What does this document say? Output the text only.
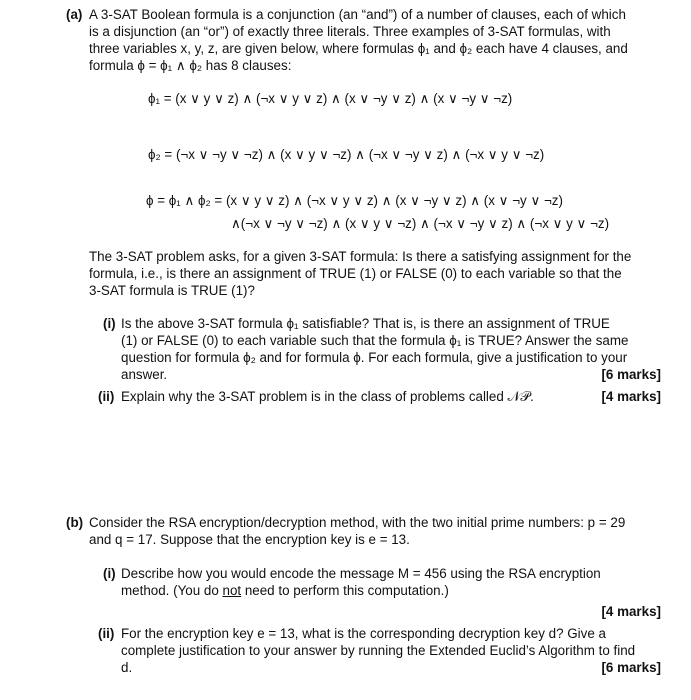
(a) A 3-SAT Boolean formula is a conjunction (an “and”) of a number of clauses, each of which
is a disjunction (an “or”) of exactly three literals. Three examples of 3-SAT formulas, with
three variables x, y, z, are given below, where formulas ϕ₁ and ϕ₂ each have 4 clauses, and
formula ϕ = ϕ₁ ∧ ϕ₂ has 8 clauses:
ϕ₁ = (x ∨ y ∨ z) ∧ (¬x ∨ y ∨ z) ∧ (x ∨ ¬y ∨ z) ∧ (x ∨ ¬y ∨ ¬z)
ϕ₂ = (¬x ∨ ¬y ∨ ¬z) ∧ (x ∨ y ∨ ¬z) ∧ (¬x ∨ ¬y ∨ z) ∧ (¬x ∨ y ∨ ¬z)
ϕ = ϕ₁ ∧ ϕ₂ = (x ∨ y ∨ z) ∧ (¬x ∨ y ∨ z) ∧ (x ∨ ¬y ∨ z) ∧ (x ∨ ¬y ∨ ¬z)
∧(¬x ∨ ¬y ∨ ¬z) ∧ (x ∨ y ∨ ¬z) ∧ (¬x ∨ ¬y ∨ z) ∧ (¬x ∨ y ∨ ¬z)
The 3-SAT problem asks, for a given 3-SAT formula: Is there a satisfying assignment for the
formula, i.e., is there an assignment of TRUE (1) or FALSE (0) to each variable so that the
3-SAT formula is TRUE (1)?
(i) Is the above 3-SAT formula ϕ₁ satisfiable? That is, is there an assignment of TRUE
(1) or FALSE (0) to each variable such that the formula ϕ₁ is TRUE? Answer the same
question for formula ϕ₂ and for formula ϕ. For each formula, give a justification to your
answer.	[6 marks]
(ii) Explain why the 3-SAT problem is in the class of problems called 𝒩𝒫.	[4 marks]
(b) Consider the RSA encryption/decryption method, with the two initial prime numbers: p = 29
and q = 17. Suppose that the encryption key is e = 13.
(i) Describe how you would encode the message M = 456 using the RSA encryption
method. (You do not need to perform this computation.)
[4 marks]
(ii) For the encryption key e = 13, what is the corresponding decryption key d? Give a
complete justification to your answer by running the Extended Euclid’s Algorithm to find
d.	[6 marks]
